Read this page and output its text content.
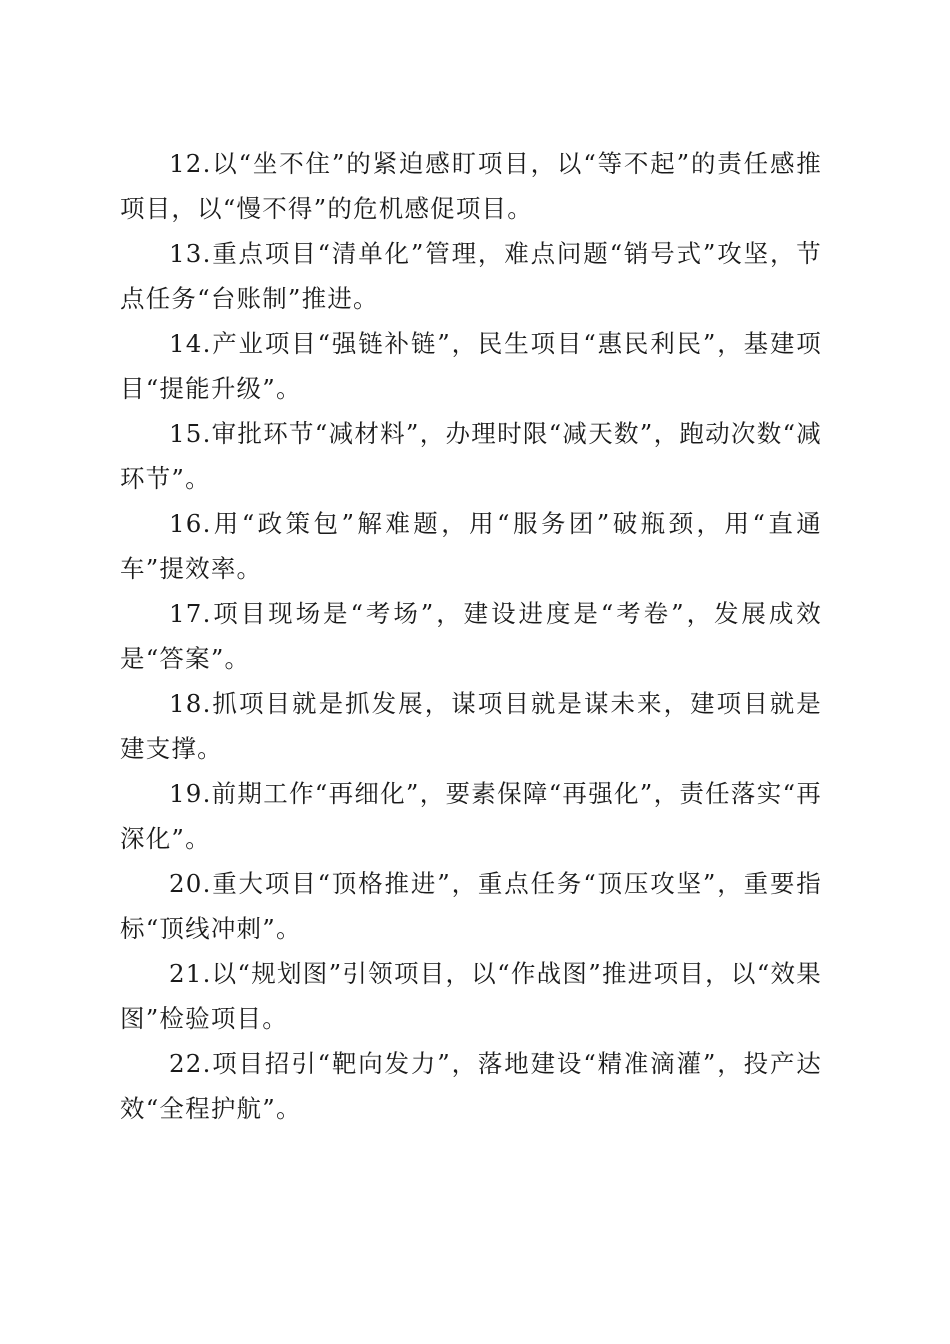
12.以“坐不住”的紧迫感盯项目，以“等不起”的责任感推项目，以“慢不得”的危机感促项目。

13.重点项目“清单化”管理，难点问题“销号式”攻坚，节点任务“台账制”推进。

14.产业项目“强链补链”，民生项目“惠民利民”，基建项目“提能升级”。

15.审批环节“减材料”，办理时限“减天数”，跑动次数“减环节”。

16.用“政策包”解难题，用“服务团”破瓶颈，用“直通车”提效率。

17.项目现场是“考场”，建设进度是“考卷”，发展成效是“答案”。

18.抓项目就是抓发展，谋项目就是谋未来，建项目就是建支撑。

19.前期工作“再细化”，要素保障“再强化”，责任落实“再深化”。

20.重大项目“顶格推进”，重点任务“顶压攻坚”，重要指标“顶线冲刺”。

21.以“规划图”引领项目，以“作战图”推进项目，以“效果图”检验项目。

22.项目招引“靶向发力”，落地建设“精准滴灌”，投产达效“全程护航”。
